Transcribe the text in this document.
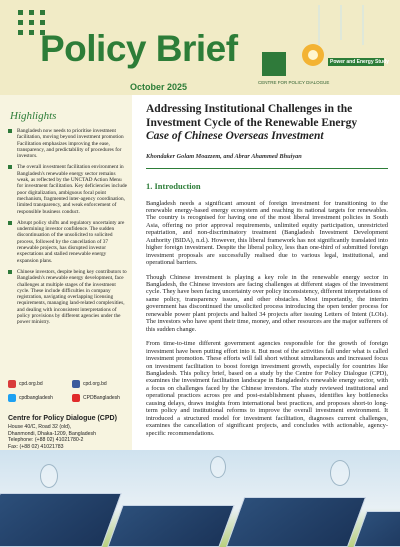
Policy Brief
October 2025	CENTRE FOR POLICY DIALOGUE
Power and Energy Study
Highlights
Bangladesh now needs to prioritise investment facilitation, moving beyond investment promotion Facilitation emphasizes improving the ease, transparency, and predictability of procedures for investors.
The overall investment facilitation environment in Bangladesh's renewable energy sector remains weak, as reflected by the UNCTAD Action Menu for investment facilitation. Key deficiencies include poor digitalization, ambiguous focal point mechanism, fragmented inter-agency coordination, limited transparency, and weak enforcement of responsible business conduct.
Abrupt policy shifts and regulatory uncertainty are undermining investor confidence. The sudden discontinuation of the unsolicited to solicited process, followed by the cancellation of 37 renewable projects, has disrupted investor expectations and stalled renewable energy expansion plans.
Chinese investors, despite being key contributors to Bangladesh's renewable energy development, face challenges at multiple stages of the investment cycle. These include difficulties in company registration, navigating overlapping licensing requirements, managing land-related complexities, and dealing with inconsistent interpretations of policy provisions by different agencies under the power ministry.
cpd.org.bd	cpd.org.bd
cpdbangladesh	CPDBangladesh
Centre for Policy Dialogue (CPD)
House 40/C, Road 32 (old),
Dhanmondi, Dhaka-1209, Bangladesh
Telephone: (+88 02) 41021780-2
Fax: (+88 02) 41021783
Addressing Institutional Challenges in the Investment Cycle of the Renewable Energy
Case of Chinese Overseas Investment
Khondaker Golam Moazzem, and Abrar Ahammed Bhuiyan
1. Introduction
Bangladesh needs a significant amount of foreign investment for transitioning to the renewable energy-based energy ecosystem and reaching its national targets for renewables. The country is recognised for having one of the most liberal investment policies in South Asia, offering no prior approval requirements, unlimited equity participation, unrestricted repatriation, and non-discriminatory treatment (Bangladesh Investment Development Authority (BIDA), n.d.). However, this liberal framework has not significantly translated into higher foreign investment. Despite the liberal policy, less than one-third of submitted foreign investment proposals are successfully realised due to various legal, institutional, and operational barriers.
Though Chinese investment is playing a key role in the renewable energy sector in Bangladesh, the Chinese investors are facing challenges at different stages of the investment cycle. They have been facing uncertainty over policy inconsistency, different interpretations of same policy, transparency issues, and other obstacles. Most importantly, the interim government has discontinued the unsolicited process introducing the open tender process for renewable power plant projects and halted 34 projects after issuing Letters of Intent (LOIs). The investors who have spent their time, money, and other resources are the major sufferers of this sudden change.
From time-to-time different government agencies responsible for the growth of foreign investment have been putting effort into it. But most of the activities fall under what is called investment promotion. These efforts will fall short without simultaneous and increased focus on investment facilitation to boost foreign investment growth, especially for countries like Bangladesh. This policy brief, based on a study by the Centre for Policy Dialogue (CPD), examines the investment facilitation landscape in Bangladesh's renewable energy sector, with a focus on challenges faced by the Chinese investors. The study reviewed institutional and operational practices across pre and post-establishment phases, identifies key bottlenecks causing delays, draws insights from international best practices, and proposes short-to long-term policy and institutional reforms to improve the overall investment environment. It introduced a structured model for investment facilitation, diagnoses current challenges, examines the cancellation of significant projects, and concludes with actionable, agency-specific recommendations.
